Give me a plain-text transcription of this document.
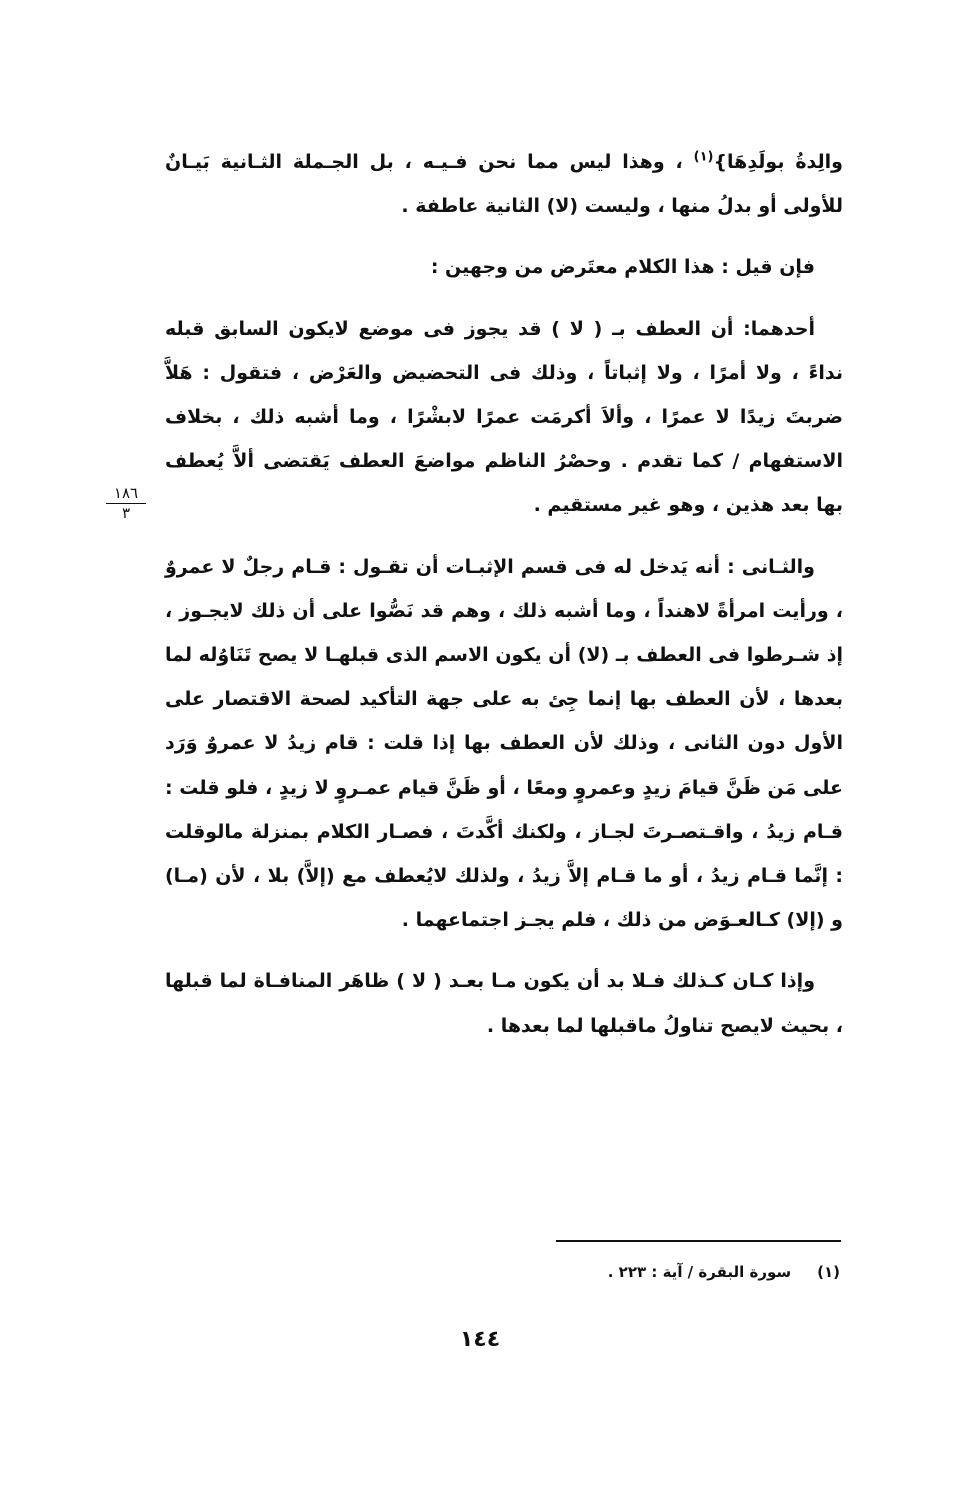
والِدةُ بولَدِهَا}$^{(١)}$ ، وهذا ليس مما نحن فـيـه ، بل الجـملة الثـانية بَيـانٌ للأولى أو بدلُ منها ، وليست (لا) الثانية عاطفة .

فإن قيل : هذا الكلام معتَرض من وجهين :

أحدهما: أن العطف بـ ( لا ) قد يجوز فى موضع لايكون السابق قبله نداءً ، ولا أمرًا ، ولا إثباتاً ، وذلك فى التحضيض والعَرْض ، فتقول : هَلاَّ ضربتَ زيدًا لا عمرًا ، وألاَ أكرمَت عمرًا لابشْرًا ، وما أشبه ذلك ، بخلاف الاستفهام / كما تقدم . وحصْرُ الناظم مواضعَ العطف يَقتضى ألاَّ يُعطف بها بعد هذين ، وهو غير مستقيم .

والثـانى : أنه يَدخل له فى قسم الإثبـات أن تقـول : قـام رجلٌ لا عمروٌ ، ورأيت امرأةً لاهنداً ، وما أشبه ذلك ، وهم قد نَصُّوا على أن ذلك لايجـوز ، إذ شـرطوا فى العطف بـ (لا) أن يكون الاسم الذى قبلهـا لا يصح تَنَاوُله لما بعدها ، لأن العطف بها إنما جِئ به على جهة التأكيد لصحة الاقتصار على الأول دون الثانى ، وذلك لأن العطف بها إذا قلت : قام زيدُ لا عمروٌ وَرَد على مَن ظَنَّ قيامَ زيدٍ وعمروٍ ومعًا ، أو ظَنَّ قيام عمـروٍ لا زيدٍ ، فلو قلت : قـام زيدُ ، واقـتصـرتَ لجـاز ، ولكنك أكَّدتَ ، فصـار الكلام بمنزلة مالوقلت : إنَّما قـام زيدُ ، أو ما قـام إلاَّ زيدُ ، ولذلك لايُعطف مع (إلاَّ) بلا ، لأن (مـا) و (إلا) كـالعـوَض من ذلك ، فلم يجـز اجتماعهما .

وإذا كـان كـذلك فـلا بد أن يكون مـا بعـد ( لا ) ظاهَر المنافـاة لما قبلها ، بحيث لايصح تناولُ ماقبلها لما بعدها .

١٨٦
٣
(١)سورة البقرة / آية : ٢٢٣ .
١٤٤
